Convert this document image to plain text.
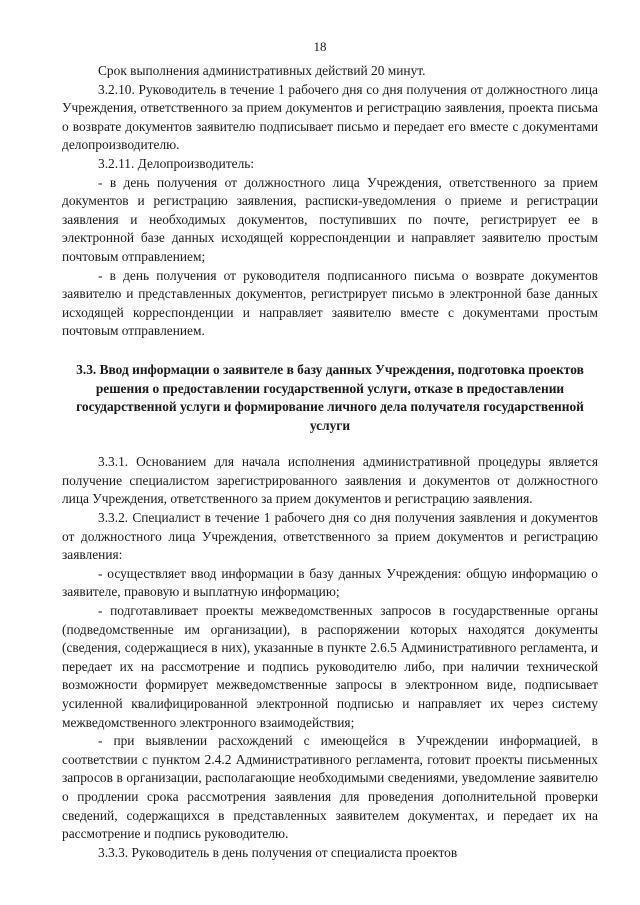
18

Срок выполнения административных действий 20 минут.

3.2.10. Руководитель в течение 1 рабочего дня со дня получения от должностного лица Учреждения, ответственного за прием документов и регистрацию заявления, проекта письма о возврате документов заявителю подписывает письмо и передает его вместе с документами делопроизводителю.

3.2.11. Делопроизводитель:

- в день получения от должностного лица Учреждения, ответственного за прием документов и регистрацию заявления, расписки-уведомления о приеме и регистрации заявления и необходимых документов, поступивших по почте, регистрирует ее в электронной базе данных исходящей корреспонденции и направляет заявителю простым почтовым отправлением;

- в день получения от руководителя подписанного письма о возврате документов заявителю и представленных документов, регистрирует письмо в электронной базе данных исходящей корреспонденции и направляет заявителю вместе с документами простым почтовым отправлением.

3.3. Ввод информации о заявителе в базу данных Учреждения, подготовка проектов решения о предоставлении государственной услуги, отказе в предоставлении государственной услуги и формирование личного дела получателя государственной услуги

3.3.1. Основанием для начала исполнения административной процедуры является получение специалистом зарегистрированного заявления и документов от должностного лица Учреждения, ответственного за прием документов и регистрацию заявления.

3.3.2. Специалист в течение 1 рабочего дня со дня получения заявления и документов от должностного лица Учреждения, ответственного за прием документов и регистрацию заявления:

- осуществляет ввод информации в базу данных Учреждения: общую информацию о заявителе, правовую и выплатную информацию;

- подготавливает проекты межведомственных запросов в государственные органы (подведомственные им организации), в распоряжении которых находятся документы (сведения, содержащиеся в них), указанные в пункте 2.6.5 Административного регламента, и передает их на рассмотрение и подпись руководителю либо, при наличии технической возможности формирует межведомственные запросы в электронном виде, подписывает усиленной квалифицированной электронной подписью и направляет их через систему межведомственного электронного взаимодействия;

- при выявлении расхождений с имеющейся в Учреждении информацией, в соответствии с пунктом 2.4.2 Административного регламента, готовит проекты письменных запросов в организации, располагающие необходимыми сведениями, уведомление заявителю о продлении срока рассмотрения заявления для проведения дополнительной проверки сведений, содержащихся в представленных заявителем документах, и передает их на рассмотрение и подпись руководителю.

3.3.3. Руководитель в день получения от специалиста проектов
